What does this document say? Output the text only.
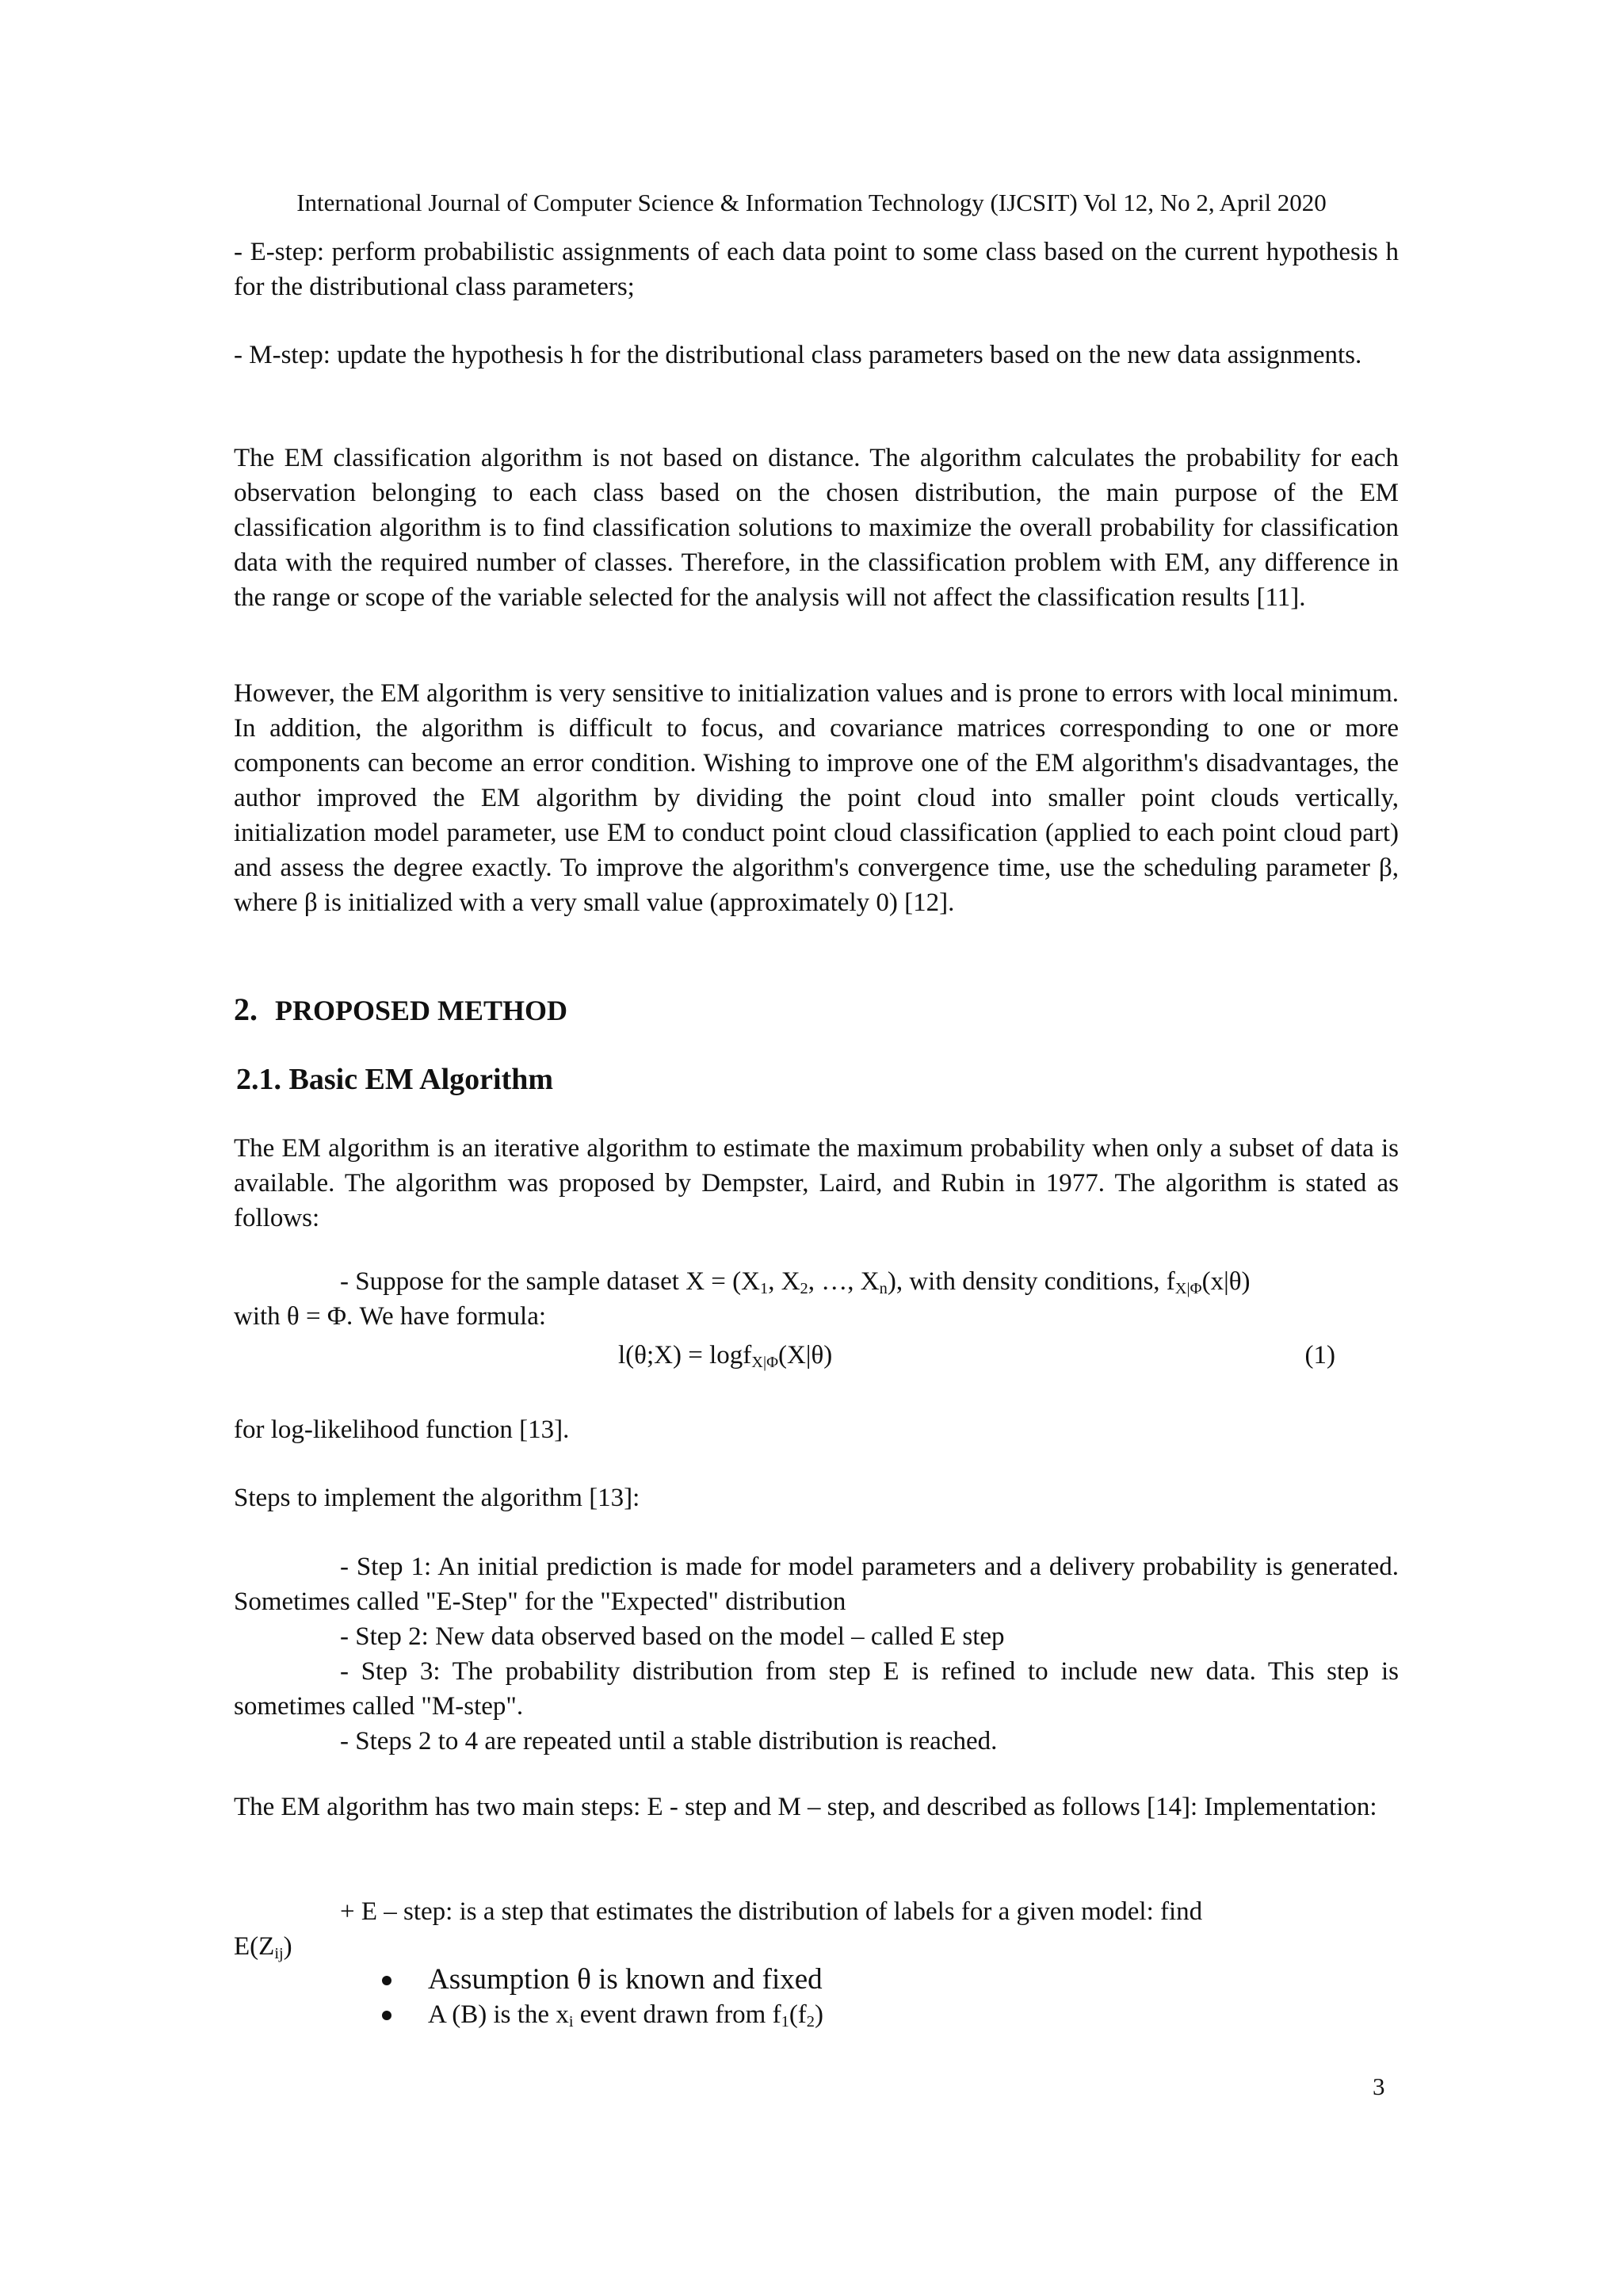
International Journal of Computer Science & Information Technology (IJCSIT) Vol 12, No 2, April 2020

- E-step: perform probabilistic assignments of each data point to some class based on the current hypothesis h for the distributional class parameters;

- M-step: update the hypothesis h for the distributional class parameters based on the new data assignments.

The EM classification algorithm is not based on distance. The algorithm calculates the probability for each observation belonging to each class based on the chosen distribution, the main purpose of the EM classification algorithm is to find classification solutions to maximize the overall probability for classification data with the required number of classes. Therefore, in the classification problem with EM, any difference in the range or scope of the variable selected for the analysis will not affect the classification results [11].

However, the EM algorithm is very sensitive to initialization values and is prone to errors with local minimum. In addition, the algorithm is difficult to focus, and covariance matrices corresponding to one or more components can become an error condition. Wishing to improve one of the EM algorithm's disadvantages, the author improved the EM algorithm by dividing the point cloud into smaller point clouds vertically, initialization model parameter, use EM to conduct point cloud classification (applied to each point cloud part) and assess the degree exactly. To improve the algorithm's convergence time, use the scheduling parameter β, where β is initialized with a very small value (approximately 0) [12].

2. PROPOSED METHOD
2.1. Basic EM Algorithm

The EM algorithm is an iterative algorithm to estimate the maximum probability when only a subset of data is available. The algorithm was proposed by Dempster, Laird, and Rubin in 1977. The algorithm is stated as follows:

- Suppose for the sample dataset $X = (X_1$, $X_2$, …, $X_n$), with density conditions, $f_{X|\Phi}(x|\theta)$
with θ = Φ. We have formula:
l(θ;X) = logf$_{X|\Phi}$(X|θ)	(1)

for log-likelihood function [13].

Steps to implement the algorithm [13]:

- Step 1: An initial prediction is made for model parameters and a delivery probability is generated. Sometimes called "E-Step" for the "Expected" distribution
- Step 2: New data observed based on the model – called E step
- Step 3: The probability distribution from step E is refined to include new data. This step is sometimes called "M-step".
- Steps 2 to 4 are repeated until a stable distribution is reached.

The EM algorithm has two main steps: E - step and M – step, and described as follows [14]: Implementation:

+ E – step: is a step that estimates the distribution of labels for a given model: find
$E(Z_{ij})$
Assumption θ is known and fixed
A (B) is the $x_i$ event drawn from $f_1(f_2)$
3
